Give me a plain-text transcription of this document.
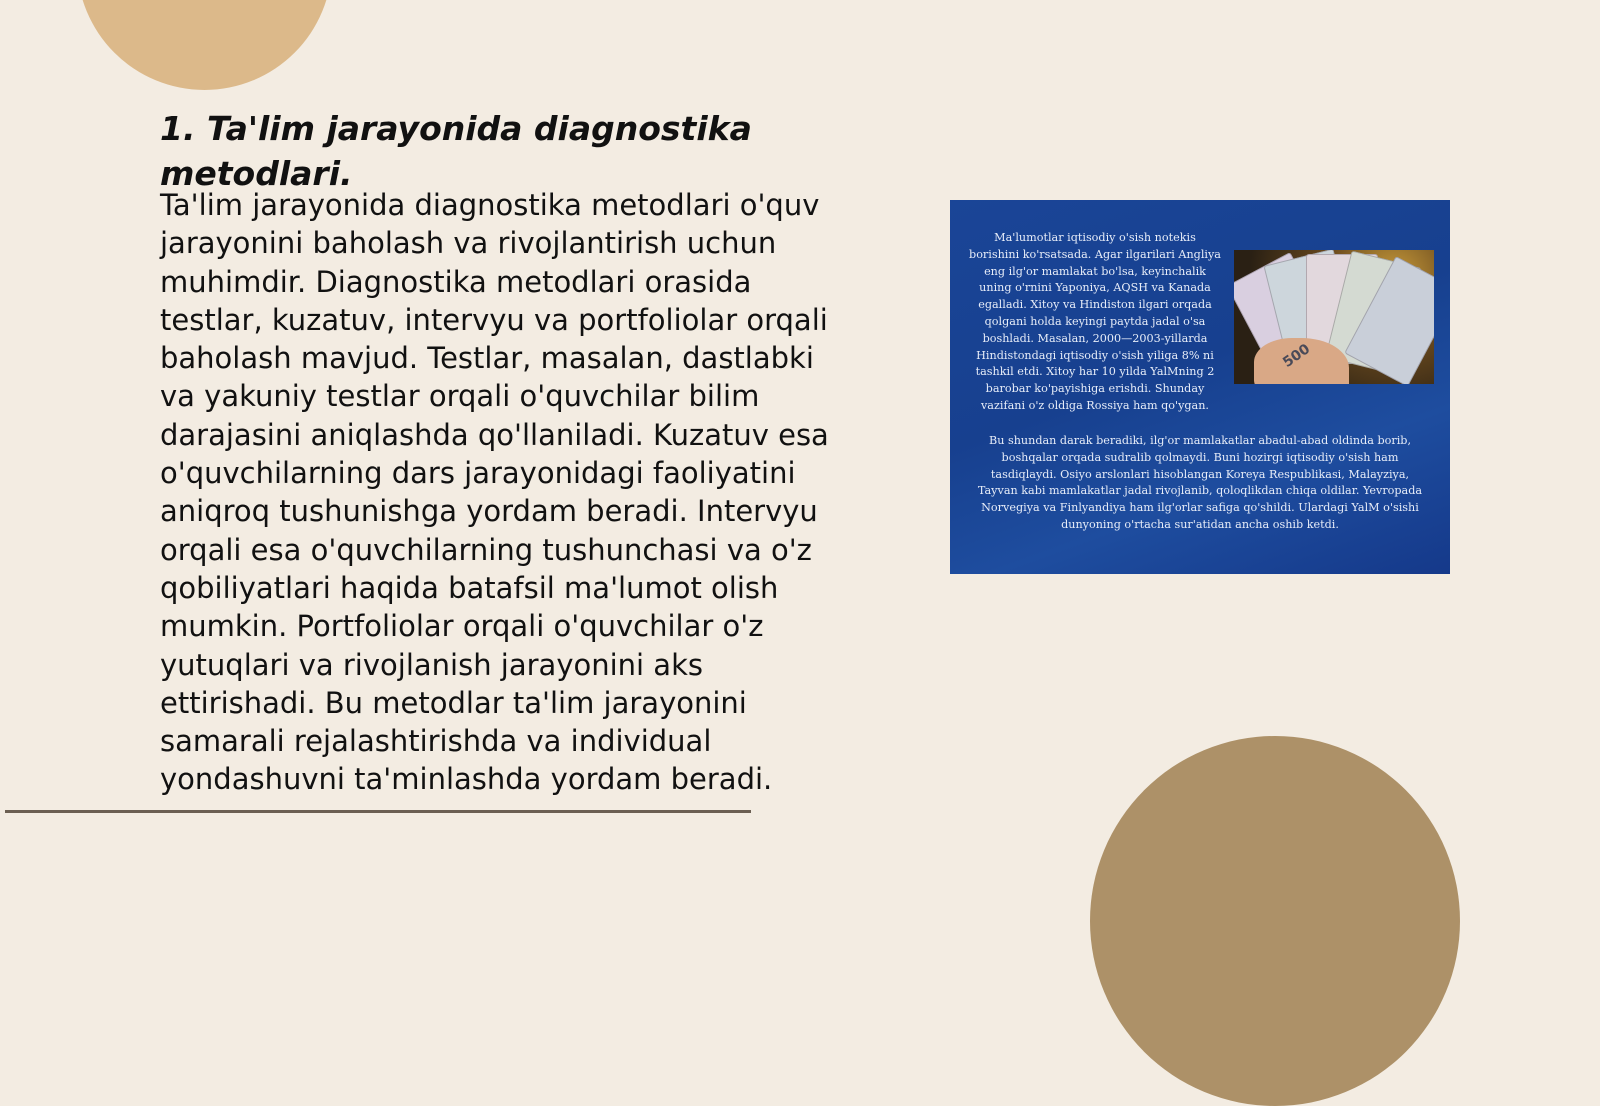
1. Ta'lim jarayonida diagnostika metodlari.

Ta'lim jarayonida diagnostika metodlari o'quv jarayonini baholash va rivojlantirish uchun muhimdir. Diagnostika metodlari orasida testlar, kuzatuv, intervyu va portfoliolar orqali baholash mavjud. Testlar, masalan, dastlabki va yakuniy testlar orqali o'quvchilar bilim darajasini aniqlashda qo'llaniladi. Kuzatuv esa o'quvchilarning dars jarayonidagi faoliyatini aniqroq tushunishga yordam beradi. Intervyu orqali esa o'quvchilarning tushunchasi va o'z qobiliyatlari haqida batafsil ma'lumot olish mumkin. Portfoliolar orqali o'quvchilar o'z yutuqlari va rivojlanish jarayonini aks ettirishadi. Bu metodlar ta'lim jarayonini samarali rejalashtirishda va individual yondashuvni ta'minlashda yordam beradi.

Ma'lumotlar iqtisodiy o'sish notekis borishini ko'rsatsada. Agar ilgarilari Angliya eng ilg'or mamlakat bo'lsa, keyinchalik uning o'rnini Yaponiya, AQSH va Kanada egalladi. Xitoy va Hindiston ilgari orqada qolgani holda keyingi paytda jadal o'sa boshladi. Masalan, 2000—2003-yillarda Hindistondagi iqtisodiy o'sish yiliga 8% ni tashkil etdi. Xitoy har 10 yilda YalMning 2 barobar ko'payishiga erishdi. Shunday vazifani o'z oldiga Rossiya ham qo'ygan.

500

Bu shundan darak beradiki, ilg'or mamlakatlar abadul-abad oldinda borib, boshqalar orqada sudralib qolmaydi. Buni hozirgi iqtisodiy o'sish ham tasdiqlaydi. Osiyo arslonlari hisoblangan Koreya Respublikasi, Malayziya, Tayvan kabi mamlakatlar jadal rivojlanib, qoloqlikdan chiqa oldilar. Yevropada Norvegiya va Finlyandiya ham ilg'orlar safiga qo'shildi. Ulardagi YalM o'sishi dunyoning o'rtacha sur'atidan ancha oshib ketdi.
